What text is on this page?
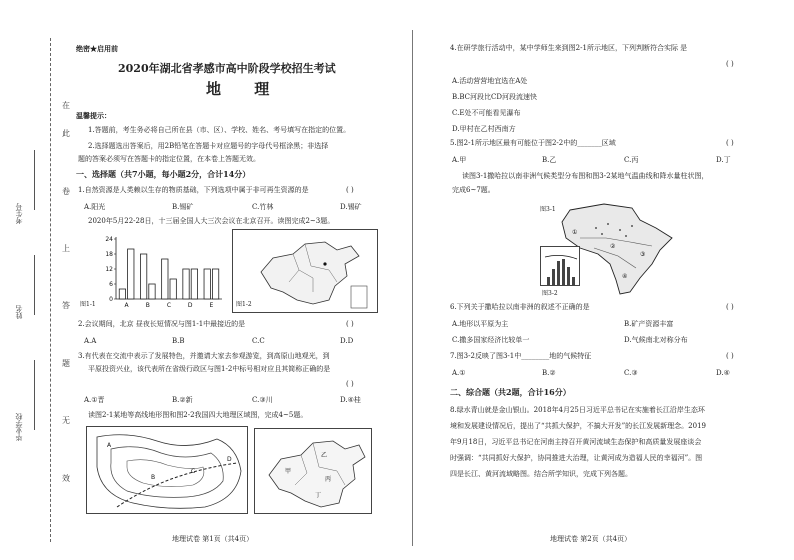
在
此
卷
上
答
题
无
效
考生号
姓名
毕业学校
绝密★启用前
2020年湖北省孝感市高中阶段学校招生考试
地 理
温馨提示：
1.答题前，考生务必将自己所在县（市、区）、学校、姓名、考号填写在指定的位置。
2.选择题选出答案后，用2B铅笔在答题卡对应题号的字母代号框涂黑；非选择
题的答案必须写在答题卡的指定位置，在本卷上答题无效。
一、选择题（共7小题，每小题2分，合计14分）
1.自然资源是人类赖以生存的物质基础，下列选项中属于非可再生资源的是	( )
A.阳光	B.锡矿	C.竹林	D.锡矿
2020年5月22-28日，十三届全国人大三次会议在北京召开。读图完成2~3题。
24
18
12
6
0
A	B	C	D	E
图1-1	图1-2
2.会议期间，北京 昼夜长短情况与图1-1中最接近的是	( )
A.A	B.B	C.C	D.D
3.有代表在交流中表示了发展特色，并邀请大家去参观游览，到高原山地观光，到
平原投资兴业，该代表所在省级行政区与图1-2中标号相对应且其简称正确的是
( )
A.①晋	B.②新	C.③川	D.④桂
读图2-1某地等高线地形图和图2-2我国四大地理区域图，完成4~5题。
A
B
C
D
甲
乙
丙
丁
地理试卷 第1页（共4页）
4.在研学旅行活动中，某中学师生来到图2-1所示地区，下列判断符合实际 是
( )
A.活动营营地宜选在A处
B.BC河段比CD河段流速快
C.E处不可能看见瀑布
D.甲村在乙村西南方
5.图2-1所示地区最有可能位于图2-2中的_______区域	( )
A.甲	B.乙	C.丙	D.丁
读图3-1撒哈拉以南非洲气候类型分布图和图3-2某地气温曲线和降水量柱状图，
完成6~7题。
①
②
③
④
图3-1
图3-2
6.下列关于撒哈拉以南非洲的叙述不正确的是	( )
A.地形以平原为主	B.矿产资源丰富
C.撒多国家经济比较单一	D.气候南北对称分布
7.图3-2反映了图3-1中________地的气候特征	( )
A.①	B.②	C.③	D.④
二、综合题（共2题，合计16分）
8.绿水青山就是金山银山。2018年4月25日习近平总书记在实施着长江沿岸生态环
境和发展建设情况后，提出了“共抓大保护，不搞大开发”的长江发展新理念。2019
年9月18日，习近平总书记在河南主持召开黄河流域生态保护和高质量发展座谈会
时强调：“共同抓好大保护，协同推进大治理，让黄河成为造福人民的幸福河”。图
四是长江、黄河流域略图。结合所学知识，完成下列各题。
地理试卷 第2页（共4页）
